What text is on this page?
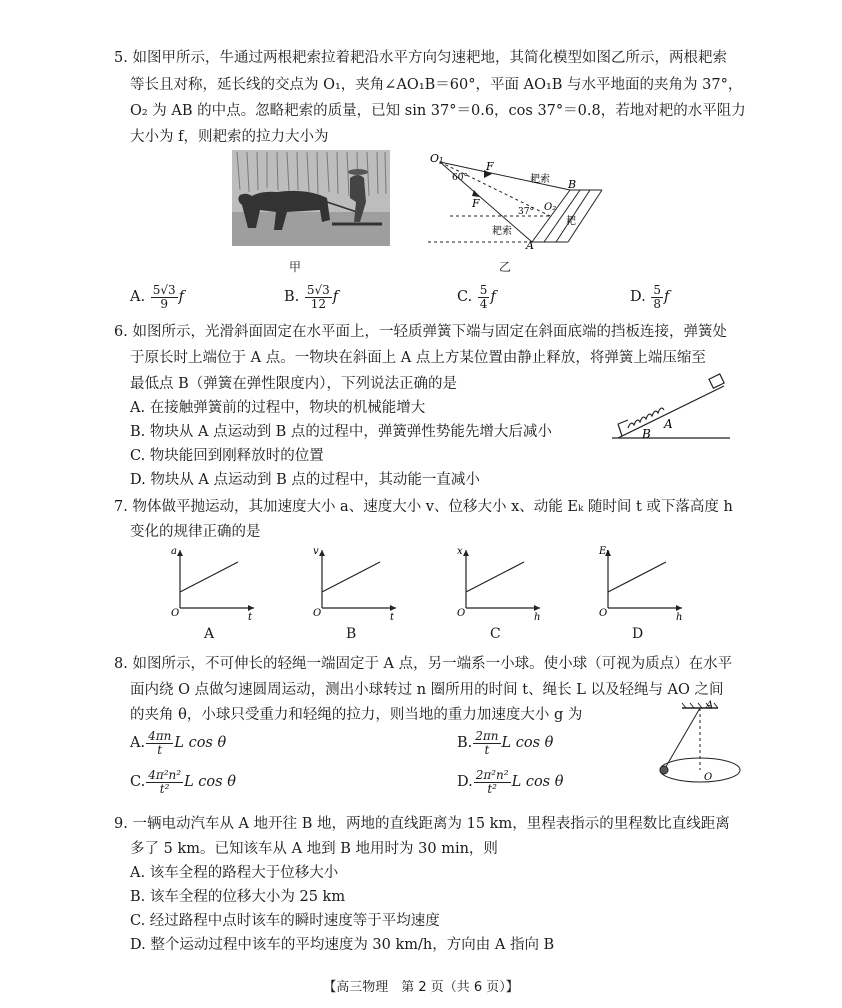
5. 如图甲所示，牛通过两根耙索拉着耙沿水平方向匀速耙地，其简化模型如图乙所示，两根耙索
等长且对称，延长线的交点为 O₁，夹角∠AO₁B＝60°，平面 AO₁B 与水平地面的夹角为 37°，
O₂ 为 AB 的中点。忽略耙索的质量，已知 sin 37°＝0.6，cos 37°＝0.8，若地对耙的水平阻力
大小为 f，则耙索的拉力大小为
甲
O₁
F
F
60°
37° O₂
B
A
耙索
耙索
耙
乙
A. $\frac{5√3}{9}$ f	B. $\frac{5√3}{12}$ f	C. $\frac{5}{4}$ f	D. $\frac{5}{8}$ f
6. 如图所示，光滑斜面固定在水平面上，一轻质弹簧下端与固定在斜面底端的挡板连接，弹簧处
于原长时上端位于 A 点。一物块在斜面上 A 点上方某位置由静止释放，将弹簧上端压缩至
最低点 B（弹簧在弹性限度内），下列说法正确的是
A. 在接触弹簧前的过程中，物块的机械能增大
B. 物块从 A 点运动到 B 点的过程中，弹簧弹性势能先增大后减小
C. 物块能回到刚释放时的位置
D. 物块从 A 点运动到 B 点的过程中，其动能一直减小
A
B
7. 物体做平抛运动，其加速度大小 a、速度大小 v、位移大小 x、动能 Eₖ 随时间 t 或下落高度 h
变化的规律正确的是
a
t
O
A
v
t
O
B
x
h
O
C
Eₖ
h
O
D
8. 如图所示，不可伸长的轻绳一端固定于 A 点，另一端系一小球。使小球（可视为质点）在水平
面内绕 O 点做匀速圆周运动，测出小球转过 n 圈所用的时间 t、绳长 L 以及轻绳与 AO 之间
的夹角 θ，小球只受重力和轻绳的拉力，则当地的重力加速度大小 g 为
A. $\frac{4\pi n}{t}$ L cos θ	B. $\frac{2\pi n}{t}$ L cos θ
C. $\frac{\text{4π²n²}}{\text{t²}}$ L cos θ	D. $\frac{\text{2π²n²}}{\text{t²}}$ L cos θ
A
O
9. 一辆电动汽车从 A 地开往 B 地，两地的直线距离为 15 km，里程表指示的里程数比直线距离
多了 5 km。已知该车从 A 地到 B 地用时为 30 min，则
A. 该车全程的路程大于位移大小
B. 该车全程的位移大小为 25 km
C. 经过路程中点时该车的瞬时速度等于平均速度
D. 整个运动过程中该车的平均速度为 30 km/h，方向由 A 指向 B
【高三物理　第 2 页（共 6 页）】
